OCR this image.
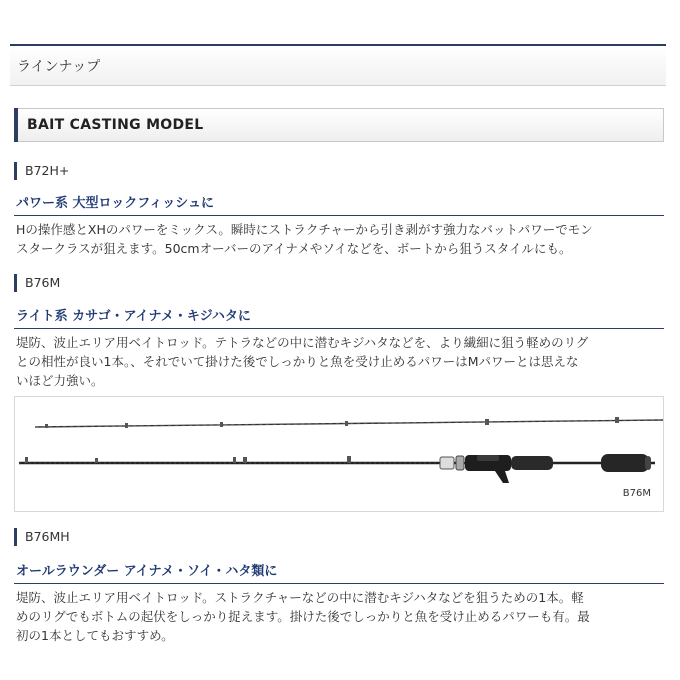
ラインナップ
BAIT CASTING MODEL
B72H+
パワー系 大型ロックフィッシュに
Hの操作感とXHのパワーをミックス。瞬時にストラクチャーから引き剥がす強力なバットパワーでモン
スタークラスが狙えます。50cmオーバーのアイナメやソイなどを、ボートから狙うスタイルにも。
B76M
ライト系 カサゴ・アイナメ・キジハタに
堤防、波止エリア用ベイトロッド。テトラなどの中に潜むキジハタなどを、より繊細に狙う軽めのリグ
との相性が良い1本。、それでいて掛けた後でしっかりと魚を受け止めるパワーはMパワーとは思えな
いほど力強い。
B76M
B76MH
オールラウンダー アイナメ・ソイ・ハタ類に
堤防、波止エリア用ベイトロッド。ストラクチャーなどの中に潜むキジハタなどを狙うための1本。軽
めのリグでもボトムの起伏をしっかり捉えます。掛けた後でしっかりと魚を受け止めるパワーも有。最
初の1本としてもおすすめ。
